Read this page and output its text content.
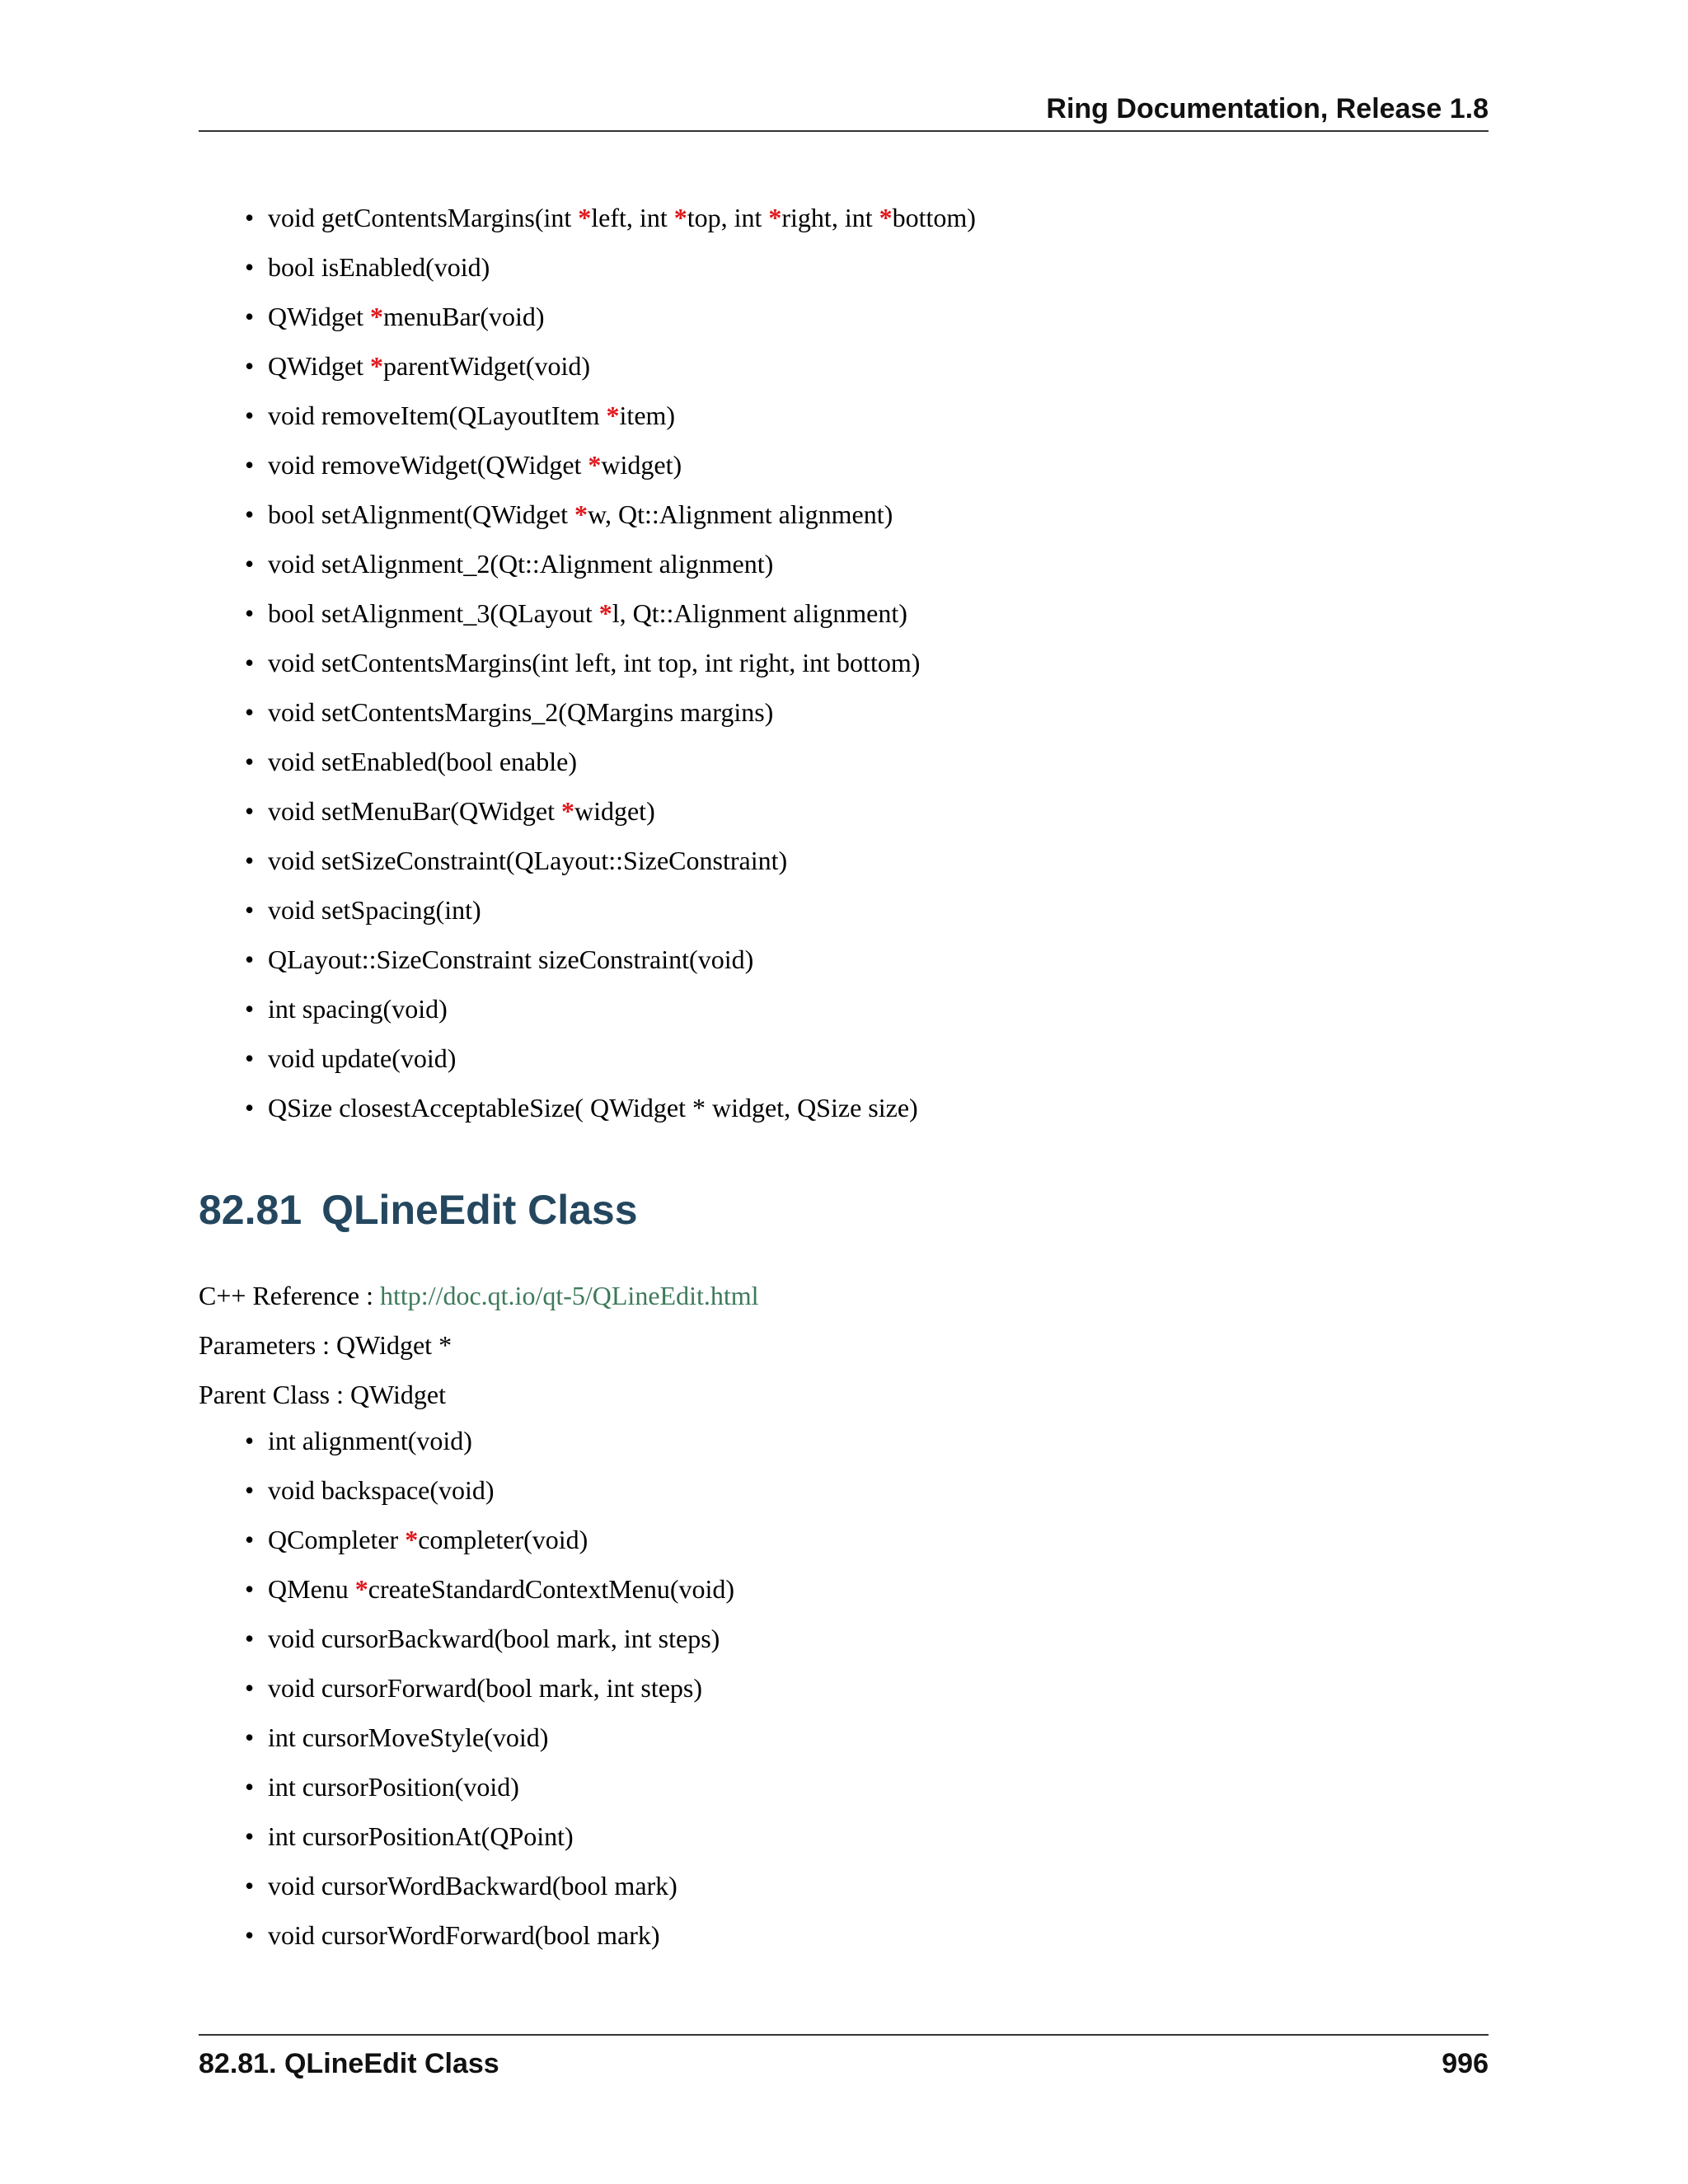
Ring Documentation, Release 1.8
• void getContentsMargins(int *left, int *top, int *right, int *bottom)
• bool isEnabled(void)
• QWidget *menuBar(void)
• QWidget *parentWidget(void)
• void removeItem(QLayoutItem *item)
• void removeWidget(QWidget *widget)
• bool setAlignment(QWidget *w, Qt::Alignment alignment)
• void setAlignment_2(Qt::Alignment alignment)
• bool setAlignment_3(QLayout *l, Qt::Alignment alignment)
• void setContentsMargins(int left, int top, int right, int bottom)
• void setContentsMargins_2(QMargins margins)
• void setEnabled(bool enable)
• void setMenuBar(QWidget *widget)
• void setSizeConstraint(QLayout::SizeConstraint)
• void setSpacing(int)
• QLayout::SizeConstraint sizeConstraint(void)
• int spacing(void)
• void update(void)
• QSize closestAcceptableSize( QWidget * widget, QSize size)
82.81 QLineEdit Class
C++ Reference : http://doc.qt.io/qt-5/QLineEdit.html
Parameters : QWidget *
Parent Class : QWidget
• int alignment(void)
• void backspace(void)
• QCompleter *completer(void)
• QMenu *createStandardContextMenu(void)
• void cursorBackward(bool mark, int steps)
• void cursorForward(bool mark, int steps)
• int cursorMoveStyle(void)
• int cursorPosition(void)
• int cursorPositionAt(QPoint)
• void cursorWordBackward(bool mark)
• void cursorWordForward(bool mark)
82.81. QLineEdit Class	996
